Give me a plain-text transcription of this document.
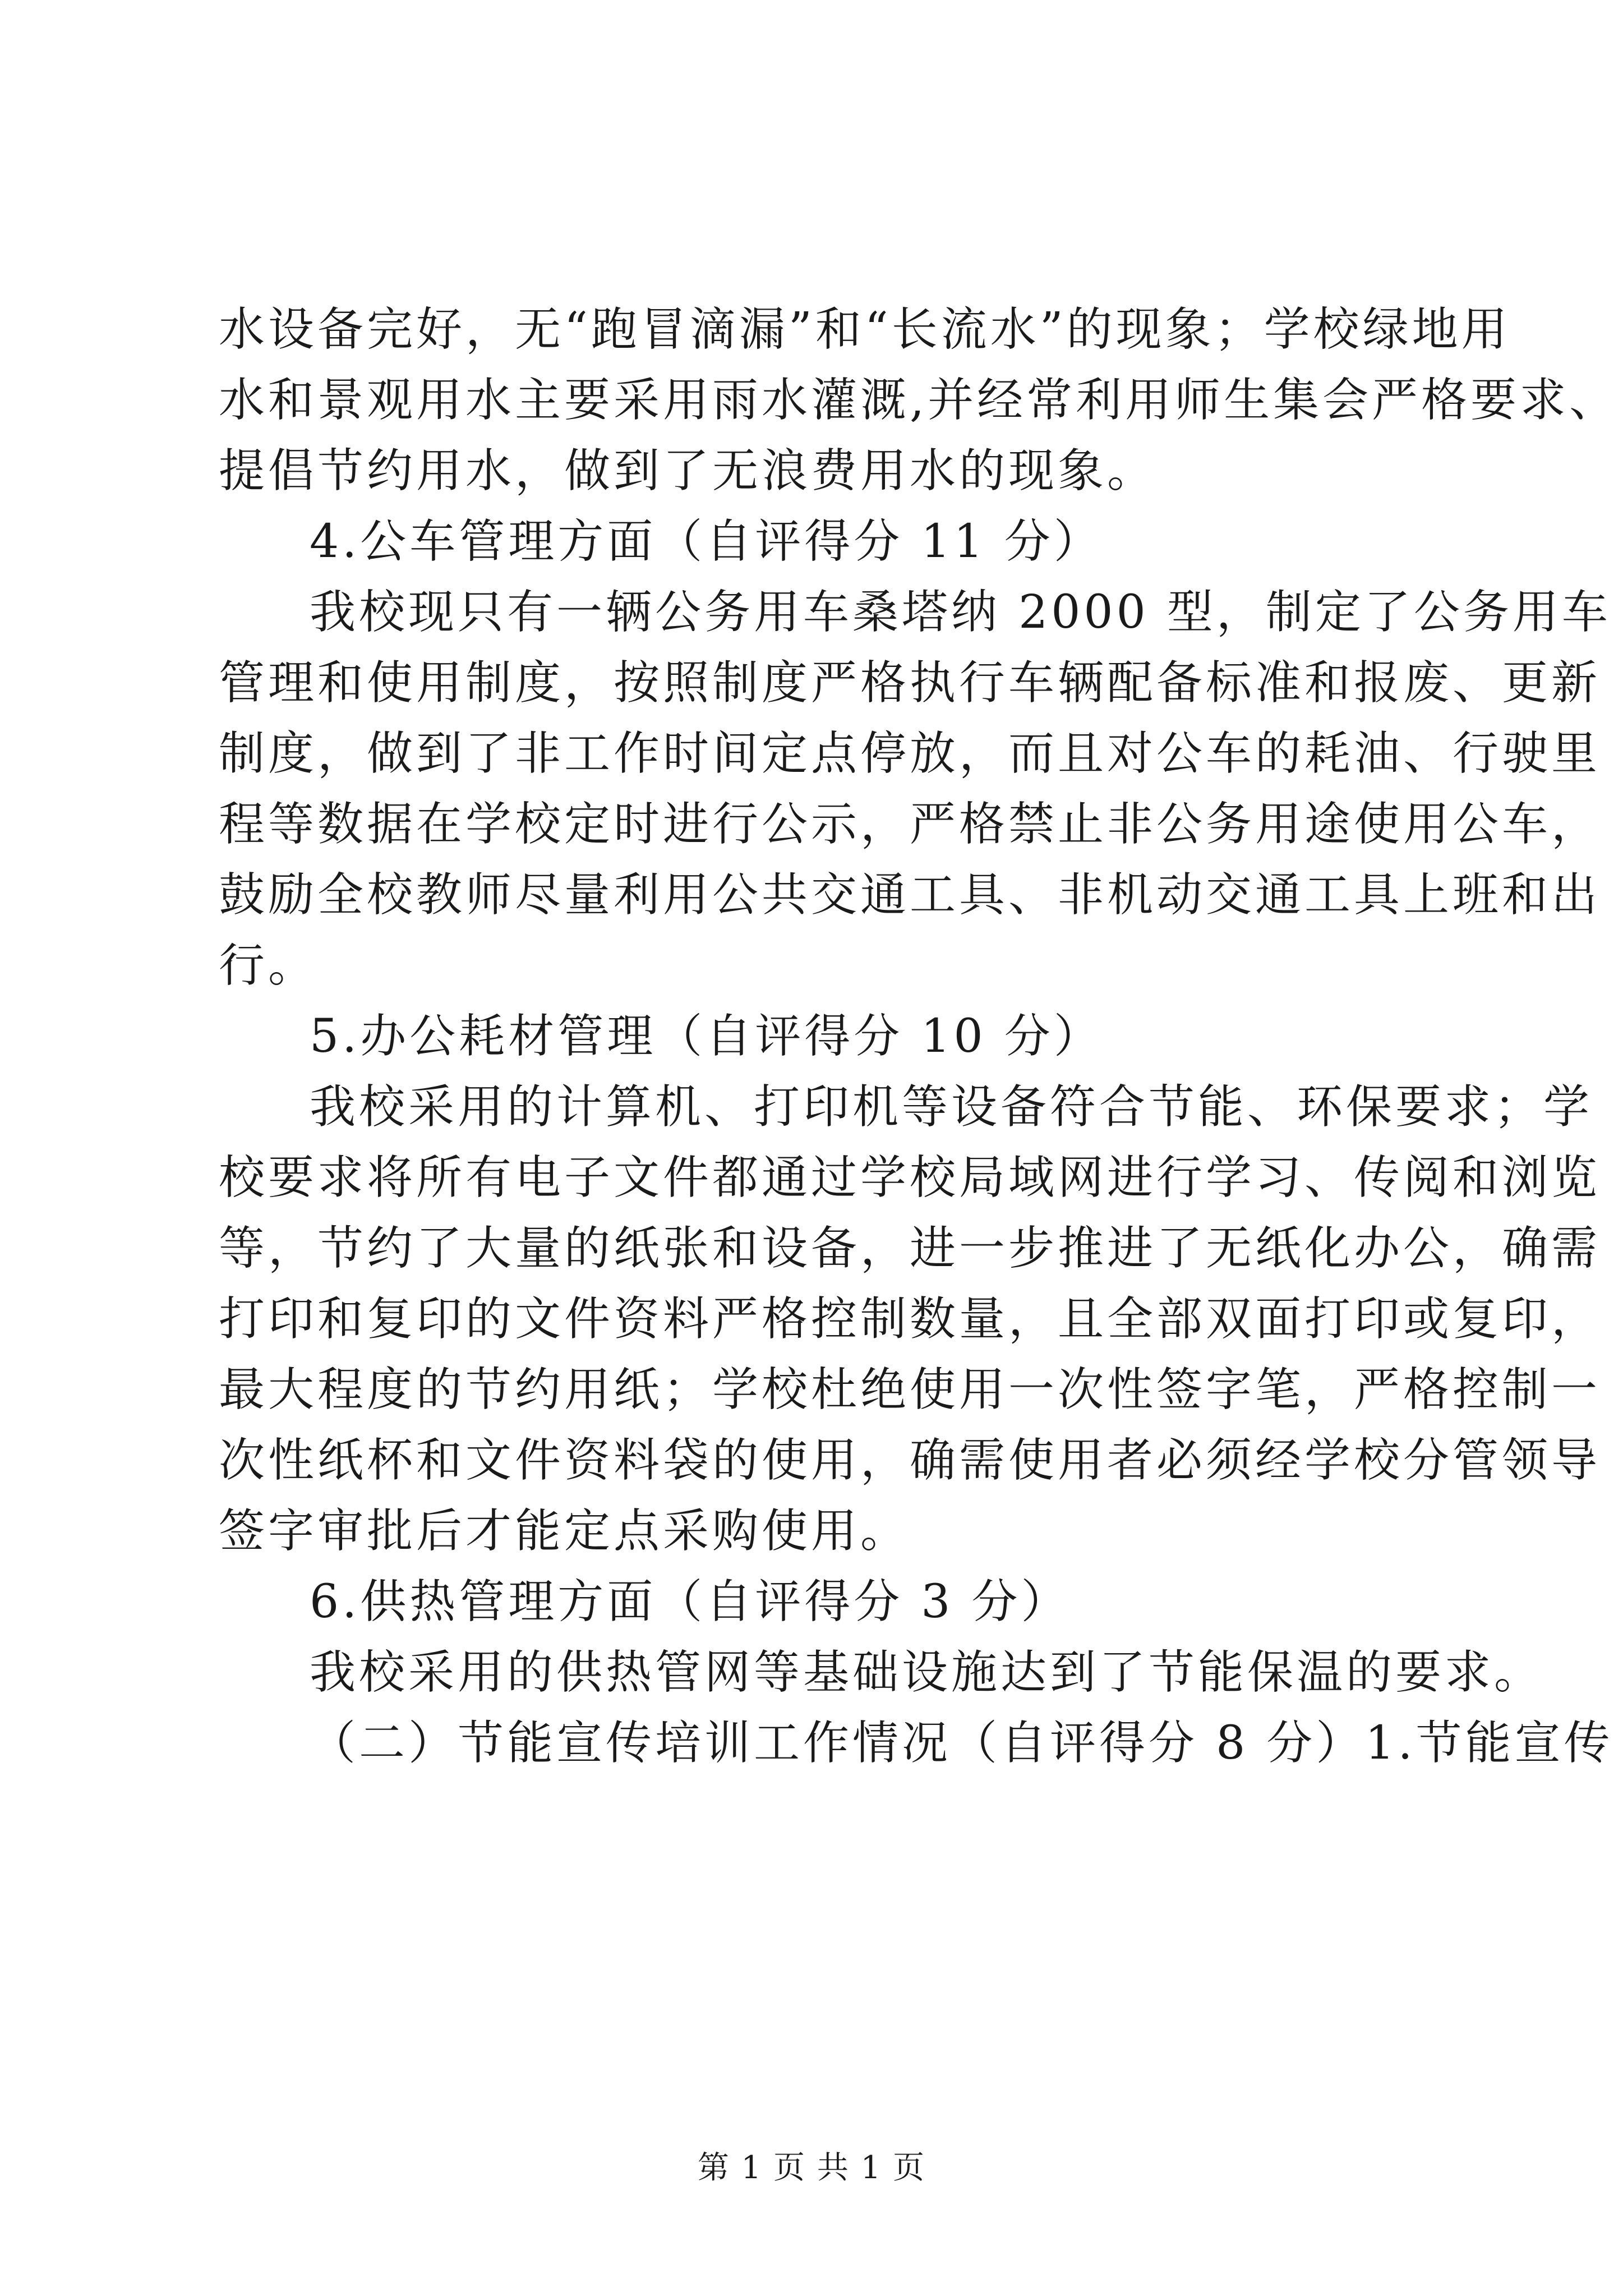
水设备完好，无“跑冒滴漏”和“长流水”的现象；学校绿地用
水和景观用水主要采用雨水灌溉,并经常利用师生集会严格要求、
提倡节约用水，做到了无浪费用水的现象。
4.公车管理方面（自评得分 11 分）
我校现只有一辆公务用车桑塔纳 2000 型，制定了公务用车
管理和使用制度，按照制度严格执行车辆配备标准和报废、更新
制度，做到了非工作时间定点停放，而且对公车的耗油、行驶里
程等数据在学校定时进行公示，严格禁止非公务用途使用公车，
鼓励全校教师尽量利用公共交通工具、非机动交通工具上班和出
行。
5.办公耗材管理（自评得分 10 分）
我校采用的计算机、打印机等设备符合节能、环保要求；学
校要求将所有电子文件都通过学校局域网进行学习、传阅和浏览
等，节约了大量的纸张和设备，进一步推进了无纸化办公，确需
打印和复印的文件资料严格控制数量，且全部双面打印或复印，
最大程度的节约用纸；学校杜绝使用一次性签字笔，严格控制一
次性纸杯和文件资料袋的使用，确需使用者必须经学校分管领导
签字审批后才能定点采购使用。
6.供热管理方面（自评得分 3 分）
我校采用的供热管网等基础设施达到了节能保温的要求。
（二）节能宣传培训工作情况（自评得分 8 分）1.节能宣传
第 1 页 共 1 页
